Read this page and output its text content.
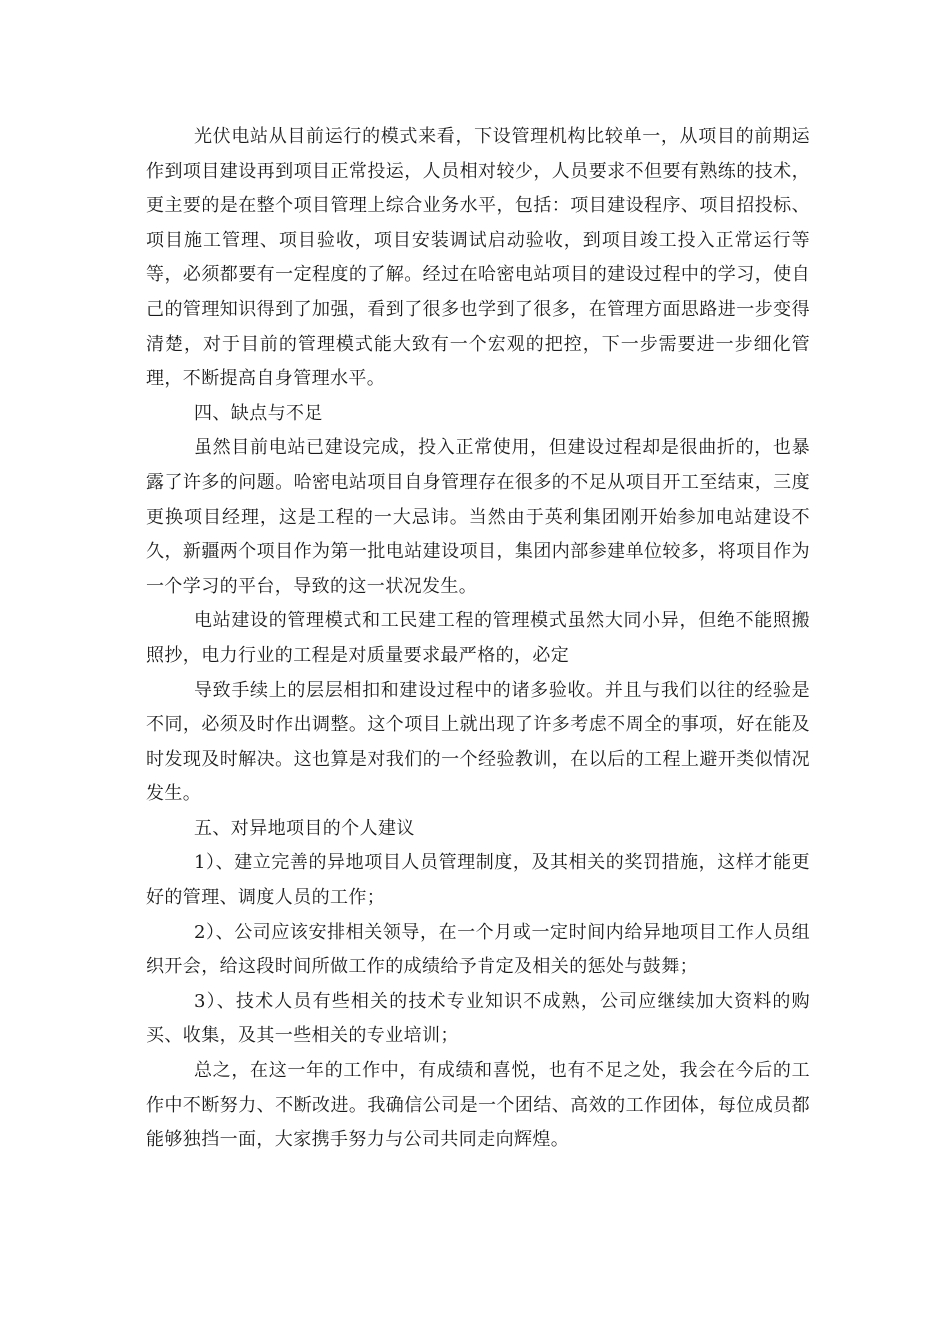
光伏电站从目前运行的模式来看，下设管理机构比较单一，从项目的前期运作到项目建设再到项目正常投运，人员相对较少，人员要求不但要有熟练的技术，更主要的是在整个项目管理上综合业务水平，包括：项目建设程序、项目招投标、项目施工管理、项目验收，项目安装调试启动验收，到项目竣工投入正常运行等等，必须都要有一定程度的了解。经过在哈密电站项目的建设过程中的学习，使自己的管理知识得到了加强，看到了很多也学到了很多，在管理方面思路进一步变得清楚，对于目前的管理模式能大致有一个宏观的把控，下一步需要进一步细化管理，不断提高自身管理水平。

四、缺点与不足

虽然目前电站已建设完成，投入正常使用，但建设过程却是很曲折的，也暴露了许多的问题。哈密电站项目自身管理存在很多的不足从项目开工至结束，三度更换项目经理，这是工程的一大忌讳。当然由于英利集团刚开始参加电站建设不久，新疆两个项目作为第一批电站建设项目，集团内部参建单位较多，将项目作为一个学习的平台，导致的这一状况发生。

电站建设的管理模式和工民建工程的管理模式虽然大同小异，但绝不能照搬照抄，电力行业的工程是对质量要求最严格的，必定

导致手续上的层层相扣和建设过程中的诸多验收。并且与我们以往的经验是不同，必须及时作出调整。这个项目上就出现了许多考虑不周全的事项，好在能及时发现及时解决。这也算是对我们的一个经验教训，在以后的工程上避开类似情况发生。

五、对异地项目的个人建议

1）、建立完善的异地项目人员管理制度，及其相关的奖罚措施，这样才能更好的管理、调度人员的工作；

2）、公司应该安排相关领导，在一个月或一定时间内给异地项目工作人员组织开会，给这段时间所做工作的成绩给予肯定及相关的惩处与鼓舞；

3）、技术人员有些相关的技术专业知识不成熟，公司应继续加大资料的购买、收集，及其一些相关的专业培训；

总之，在这一年的工作中，有成绩和喜悦，也有不足之处，我会在今后的工作中不断努力、不断改进。我确信公司是一个团结、高效的工作团体，每位成员都能够独挡一面，大家携手努力与公司共同走向辉煌。
